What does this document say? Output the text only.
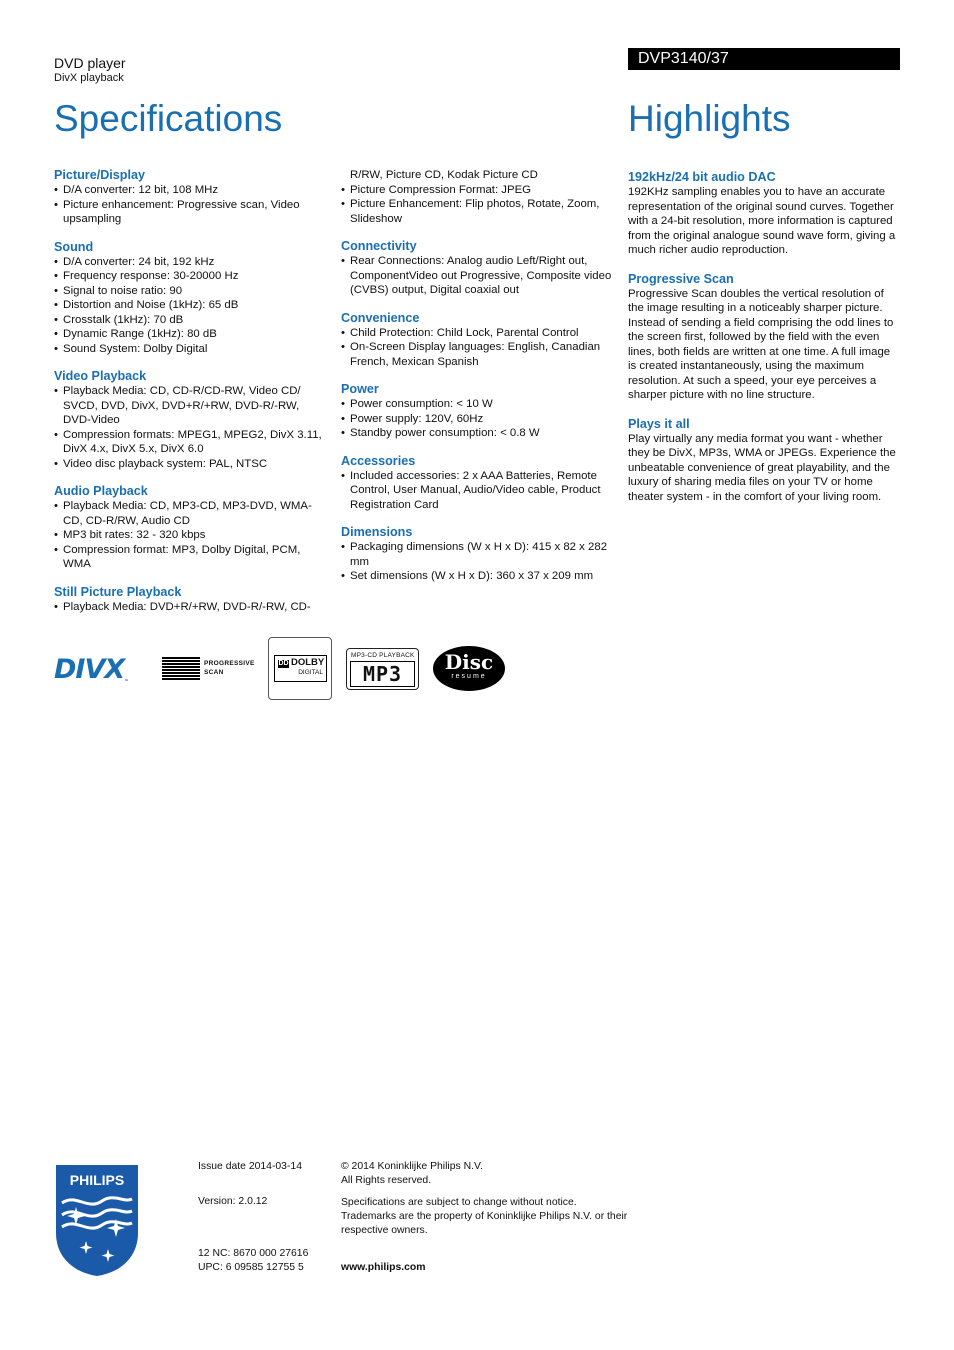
DVD player
DivX playback
Specifications
DVP3140/37
Highlights
Picture/Display
• D/A converter: 12 bit, 108 MHz
• Picture enhancement: Progressive scan, Video upsampling
Sound
• D/A converter: 24 bit, 192 kHz
• Frequency response: 30-20000 Hz
• Signal to noise ratio: 90
• Distortion and Noise (1kHz): 65 dB
• Crosstalk (1kHz): 70 dB
• Dynamic Range (1kHz): 80 dB
• Sound System: Dolby Digital
Video Playback
• Playback Media: CD, CD-R/CD-RW, Video CD/ SVCD, DVD, DivX, DVD+R/+RW, DVD-R/-RW, DVD-Video
• Compression formats: MPEG1, MPEG2, DivX 3.11, DivX 4.x, DivX 5.x, DivX 6.0
• Video disc playback system: PAL, NTSC
Audio Playback
• Playback Media: CD, MP3-CD, MP3-DVD, WMA-CD, CD-R/RW, Audio CD
• MP3 bit rates: 32 - 320 kbps
• Compression format: MP3, Dolby Digital, PCM, WMA
Still Picture Playback
• Playback Media: DVD+R/+RW, DVD-R/-RW, CD-
R/RW, Picture CD, Kodak Picture CD
• Picture Compression Format: JPEG
• Picture Enhancement: Flip photos, Rotate, Zoom, Slideshow
Connectivity
• Rear Connections: Analog audio Left/Right out, ComponentVideo out Progressive, Composite video (CVBS) output, Digital coaxial out
Convenience
• Child Protection: Child Lock, Parental Control
• On-Screen Display languages: English, Canadian French, Mexican Spanish
Power
• Power consumption: < 10 W
• Power supply: 120V, 60Hz
• Standby power consumption: < 0.8 W
Accessories
• Included accessories: 2 x AAA Batteries, Remote Control, User Manual, Audio/Video cable, Product Registration Card
Dimensions
• Packaging dimensions (W x H x D): 415 x 82 x 282 mm
• Set dimensions (W x H x D): 360 x 37 x 209 mm
192kHz/24 bit audio DAC

192KHz sampling enables you to have an accurate representation of the original sound curves. Together with a 24-bit resolution, more information is captured from the original analogue sound wave form, giving a much richer audio reproduction.

Progressive Scan

Progressive Scan doubles the vertical resolution of the image resulting in a noticeably sharper picture. Instead of sending a field comprising the odd lines to the screen first, followed by the field with the even lines, both fields are written at one time. A full image is created instantaneously, using the maximum resolution. At such a speed, your eye perceives a sharper picture with no line structure.

Plays it all

Play virtually any media format you want - whether they be DivX, MP3s, WMA or JPEGs. Experience the unbeatable convenience of great playability, and the luxury of sharing media files on your TV or home theater system - in the comfort of your living room.

DIVX™
PROGRESSIVE
SCAN
DD DOLBY
DIGITAL
MP3-CD PLAYBACK
MP3	Disc
resume
PHILIPS
Issue date 2014-03-14
Version: 2.0.12
12 NC: 8670 000 27616
UPC: 6 09585 12755 5
© 2014 Koninklijke Philips N.V.
All Rights reserved.
Specifications are subject to change without notice. Trademarks are the property of Koninklijke Philips N.V. or their respective owners.
www.philips.com
